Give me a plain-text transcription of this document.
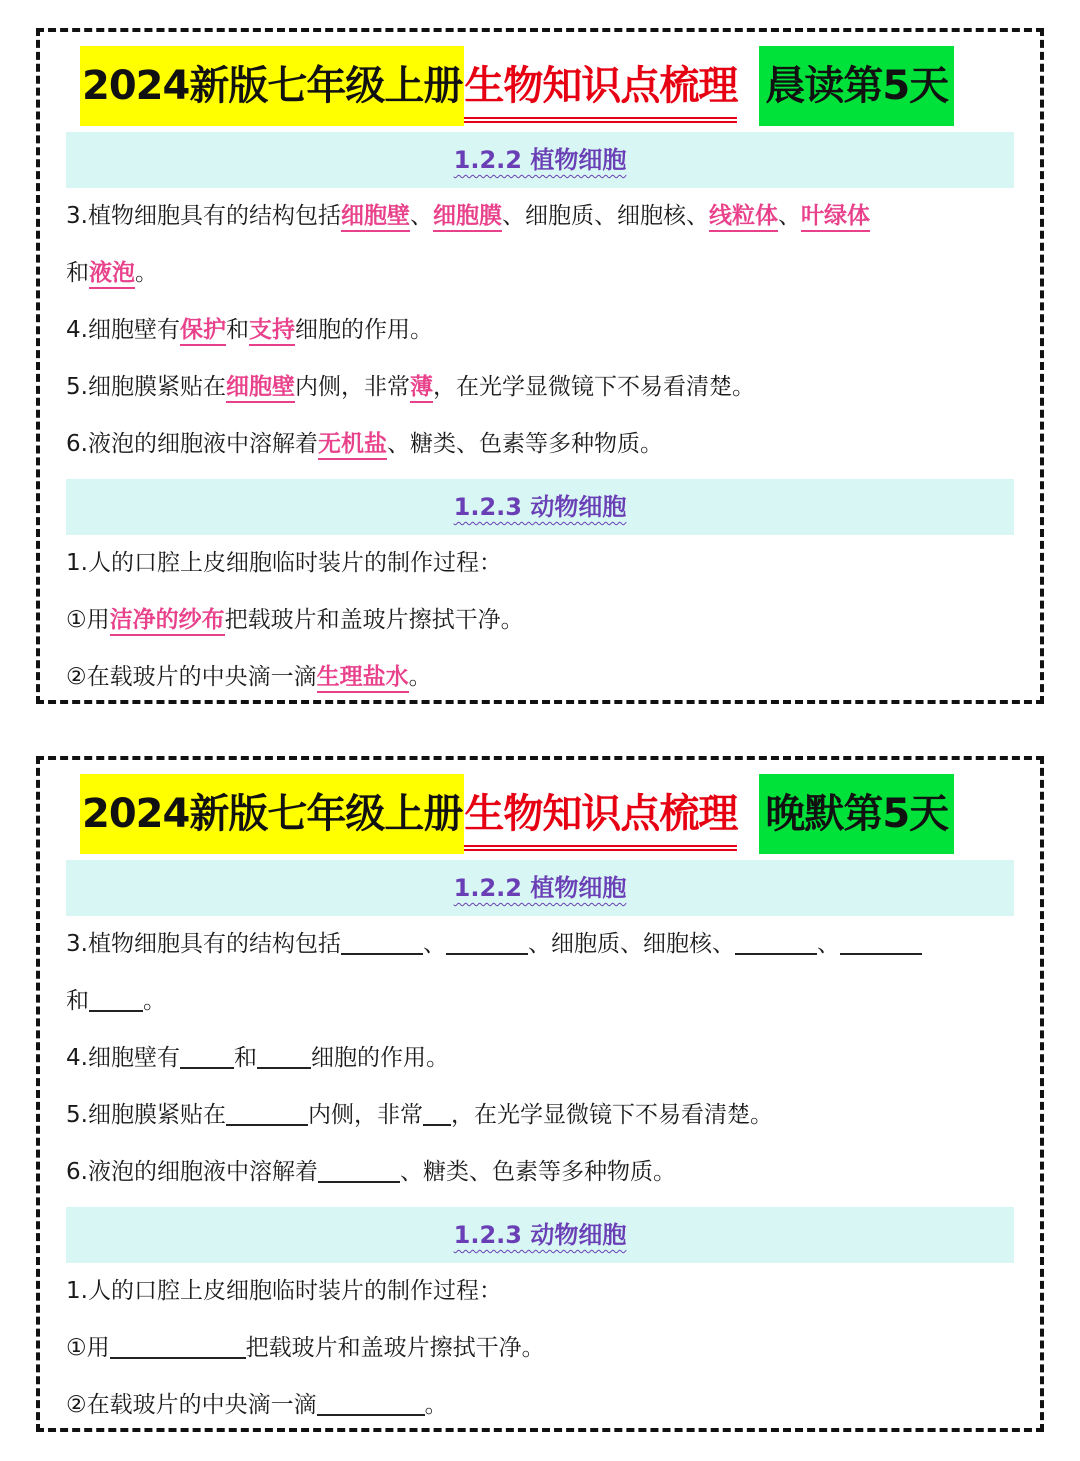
2024新版七年级上册 生物知识点梳理 晨读第5天
1.2.2 植物细胞
3.植物细胞具有的结构包括细胞壁、细胞膜、细胞质、细胞核、线粒体、叶绿体
和液泡。
4.细胞壁有保护和支持细胞的作用。
5.细胞膜紧贴在细胞壁内侧，非常薄，在光学显微镜下不易看清楚。
6.液泡的细胞液中溶解着无机盐、糖类、色素等多种物质。
1.2.3 动物细胞
1.人的口腔上皮细胞临时装片的制作过程：
①用洁净的纱布把载玻片和盖玻片擦拭干净。
②在载玻片的中央滴一滴生理盐水。
2024新版七年级上册 生物知识点梳理 晚默第5天
1.2.2 植物细胞
3.植物细胞具有的结构包括	、	、细胞质、细胞核、	、
和 。
4.细胞壁有 和 细胞的作用。
5.细胞膜紧贴在	内侧，非常 ，在光学显微镜下不易看清楚。
6.液泡的细胞液中溶解着	、糖类、色素等多种物质。
1.2.3 动物细胞
1.人的口腔上皮细胞临时装片的制作过程：
①用	把载玻片和盖玻片擦拭干净。
②在载玻片的中央滴一滴	。
